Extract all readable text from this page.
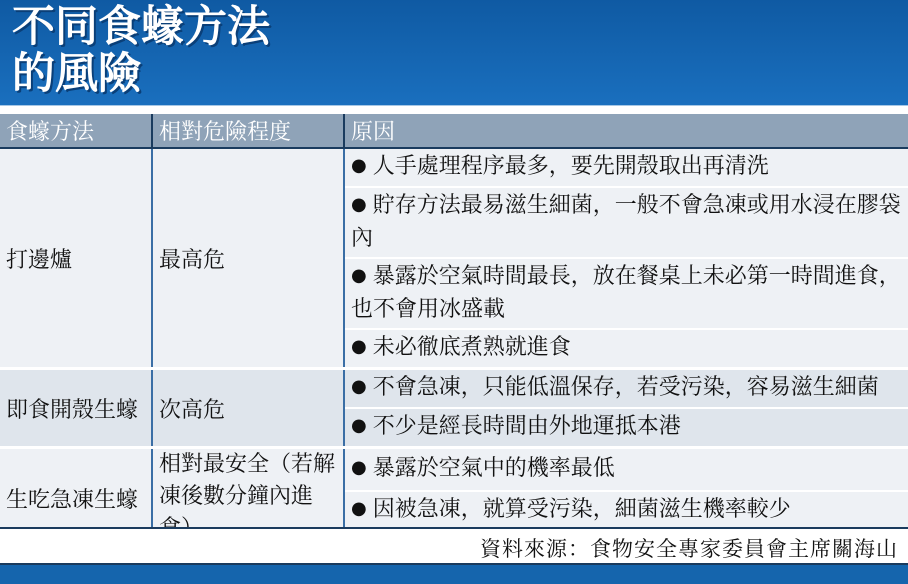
不同食蠔方法
的風險
食蠔方法	相對危險程度	原因
打邊爐	最高危	● 人手處理程序最多，要先開殼取出再清洗
		● 貯存方法最易滋生細菌，一般不會急凍或用水浸在膠袋內
		● 暴露於空氣時間最長，放在餐桌上未必第一時間進食，也不會用冰盛載
		● 未必徹底煮熟就進食
即食開殼生蠔	次高危	● 不會急凍，只能低溫保存，若受污染，容易滋生細菌
		● 不少是經長時間由外地運抵本港
生吃急凍生蠔	相對最安全（若解凍後數分鐘內進	● 暴露於空氣中的機率最低
		● 因被急凍，就算受污染，細菌滋生機率較少
資料來源：食物安全專家委員會主席關海山
